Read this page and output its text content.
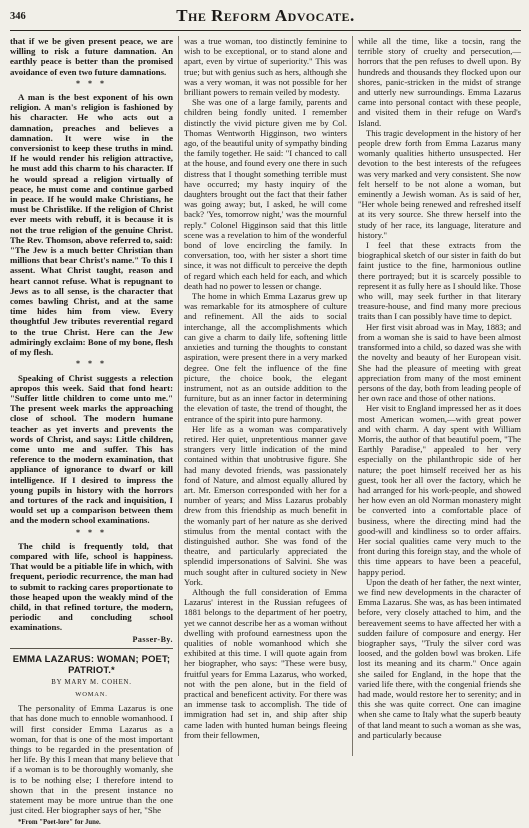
346	The Reform Advocate.

that if we be given present peace, we are willing to risk a future damnation. An earthly peace is better than the promised avoidance of even two future damnations.

* * *

A man is the best exponent of his own religion. A man's religion is fashioned by his character. He who acts out a damnation, preaches and believes a damnation. It were wise in the conversionist to keep these truths in mind. If he would render his religion attractive, he must add this charm to his character. If he would spread a religion virtually of peace, he must come and continue garbed in peace. If he would make Christians, he must be Christlike. If the religion of Christ ever meets with rebuff, it is because it is not the true religion of the genuine Christ. The Rev. Thomson, above referred to, said: "The Jew is a much better Christian than millions that bear Christ's name." To this I assent. What Christ taught, reason and heart cannot refuse. What is repugnant to Jews as to all sense, is the character that comes bawling Christ, and at the same time hides him from view. Every thoughtful Jew tributes reverential regard to the true Christ. Here can the Jew admiringly exclaim: Bone of my bone, flesh of my flesh.

* * *

Speaking of Christ suggests a relection apropos this week. Said that fond heart: "Suffer little children to come unto me." The present week marks the approaching close of school. The modern humane teacher as yet inverts and prevents the words of Christ, and says: Little children, come unto me and suffer. This has reference to the modern examination, that appliance of ignorance to dwarf or kill intelligence. If I desired to impress the young pupils in history with the horrors and tortures of the rack and inquisition, I would set up a comparison between them and the modern school examinations.

* * *

The child is frequently told, that compared with life, school is happiness. That would be a pitiable life in which, with frequent, periodic recurrence, the man had to submit to racking cares proportionate to those heaped upon the weakly mind of the child, in that refined torture, the modern, periodic and concluding school examinations.

Passer-By.
EMMA LAZARUS: WOMAN; POET; PATRIOT.*
BY MARY M. COHEN.
WOMAN.

The personality of Emma Lazarus is one that has done much to ennoble womanhood. I will first consider Emma Lazarus as a woman, for that is one of the most important things to be regarded in the presentation of her life. By this I mean that many believe that if a woman is to be thoroughly womanly, she is to be nothing else; I therefore intend to shown that in the present instance no statement may be more untrue than the one just cited. Her biographer says of her, "She

*From "Poet-lore" for June.

was a true woman, too distinctly feminine to wish to be exceptional, or to stand alone and apart, even by virtue of superiority." This was true; but with genius such as hers, although she was a very woman, it was not possible for her brilliant powers to remain veiled by modesty.

She was one of a large family, parents and children being fondly united. I remember distinctly the vivid picture given me by Col. Thomas Wentworth Higginson, two winters ago, of the beautiful unity of sympathy binding the family together. He said: "I chanced to call at the house, and found every one there in such distress that I thought something terrible must have occurred; my hasty inquiry of the daughters brought out the fact that their father was going away; but, I asked, he will come back? 'Yes, tomorrow night,' was the mournful reply." Colonel Higginson said that this little scene was a revelation to him of the wonderful bond of love encircling the family. In conversation, too, with her sister a short time since, it was not difficult to perceive the depth of regard which each held for each, and which death had no power to lessen or change.

The home in which Emma Lazarus grew up was remarkable for its atmosphere of culture and refinement. All the aids to social interchange, all the accomplishments which can give a charm to daily life, softening little anxieties and turning the thoughts to constant aspiration, were present there in a very marked degree. One felt the influence of the fine picture, the choice book, the elegant instrument, not as an outside addition to the furniture, but as an inner factor in determining the elevation of taste, the trend of thought, the entrance of the spirit into pure harmony.

Her life as a woman was comparatively retired. Her quiet, unpretentious manner gave strangers very little indication of the mind contained within that unobtrusive figure. She had many devoted friends, was passionately fond of Nature, and almost equally allured by art. Mr. Emerson corresponded with her for a number of years; and Miss Lazarus probably drew from this friendship as much benefit in the womanly part of her nature as she derived stimulus from the mental contact with the distinguished author. She was fond of the theatre, and particularly appreciated the splendid impersonations of Salvini. She was much sought after in cultured society in New York.

Although the full consideration of Emma Lazarus' interest in the Russian refugees of 1881 belongs to the department of her poetry, yet we cannot describe her as a woman without dwelling with profound earnestness upon the qualities of noble womanhood which she exhibited at this time. I will quote again from her biographer, who says: "These were busy, fruitful years for Emma Lazarus, who worked, not with the pen alone, but in the field of practical and beneficent activity. For there was an immense task to accomplish. The tide of immigration had set in, and ship after ship came laden with hunted human beings fleeing from their fellowmen,

while all the time, like a tocsin, rang the terrible story of cruelty and persecution,—horrors that the pen refuses to dwell upon. By hundreds and thousands they flocked upon our shores, panic-stricken in the midst of strange and utterly new surroundings. Emma Lazarus came into personal contact with these people, and visited them in their refuge on Ward's Island.

This tragic development in the history of her people drew forth from Emma Lazarus many womanly qualities hitherto unsuspected. Her devotion to the best interests of the refugees was very marked and very consistent. She now felt herself to be not alone a woman, but eminently a Jewish woman. As is said of her, "Her whole being renewed and refreshed itself at its very source. She threw herself into the study of her race, its language, literature and history."

I feel that these extracts from the biographical sketch of our sister in faith do but faint justice to the fine, harmonious outline there portrayed; but it is scarcely possible to represent it as fully here as I should like. Those who will, may seek further in that literary treasure-house, and find many more precious traits than I can possibly have time to depict.

Her first visit abroad was in May, 1883; and from a woman she is said to have been almost transformed into a child, so dazed was she with the novelty and beauty of her European visit. She had the pleasure of meeting with great appreciation from many of the most eminent persons of the day, both from leading people of her own race and those of other nations.

Her visit to England impressed her as it does most American women,—with great power and with charm. A day spent with William Morris, the author of that beautiful poem, "The Earthly Paradise," appealed to her very especially on the philanthropic side of her nature; the poet himself received her as his guest, took her all over the factory, which he had arranged for his work-people, and showed her how even an old Norman monastery might be converted into a comfortable place of business, where the directing mind had the good-will and kindliness so to order affairs. Her social qualities came very much to the front during this foreign stay, and the whole of this time appears to have been a peaceful, happy period.

Upon the death of her father, the next winter, we find new developments in the character of Emma Lazarus. She was, as has been intimated before, very closely attached to him, and the bereavement seems to have affected her with a sudden failure of composure and energy. Her biographer says, "Truly the silver cord was loosed, and the golden bowl was broken. Life lost its meaning and its charm." Once again she sailed for England, in the hope that the varied life there, with the congenial friends she had made, would restore her to serenity; and in this she was quite correct. One can imagine when she came to Italy what the superb beauty of that land meant to such a woman as she was, and particularly because
